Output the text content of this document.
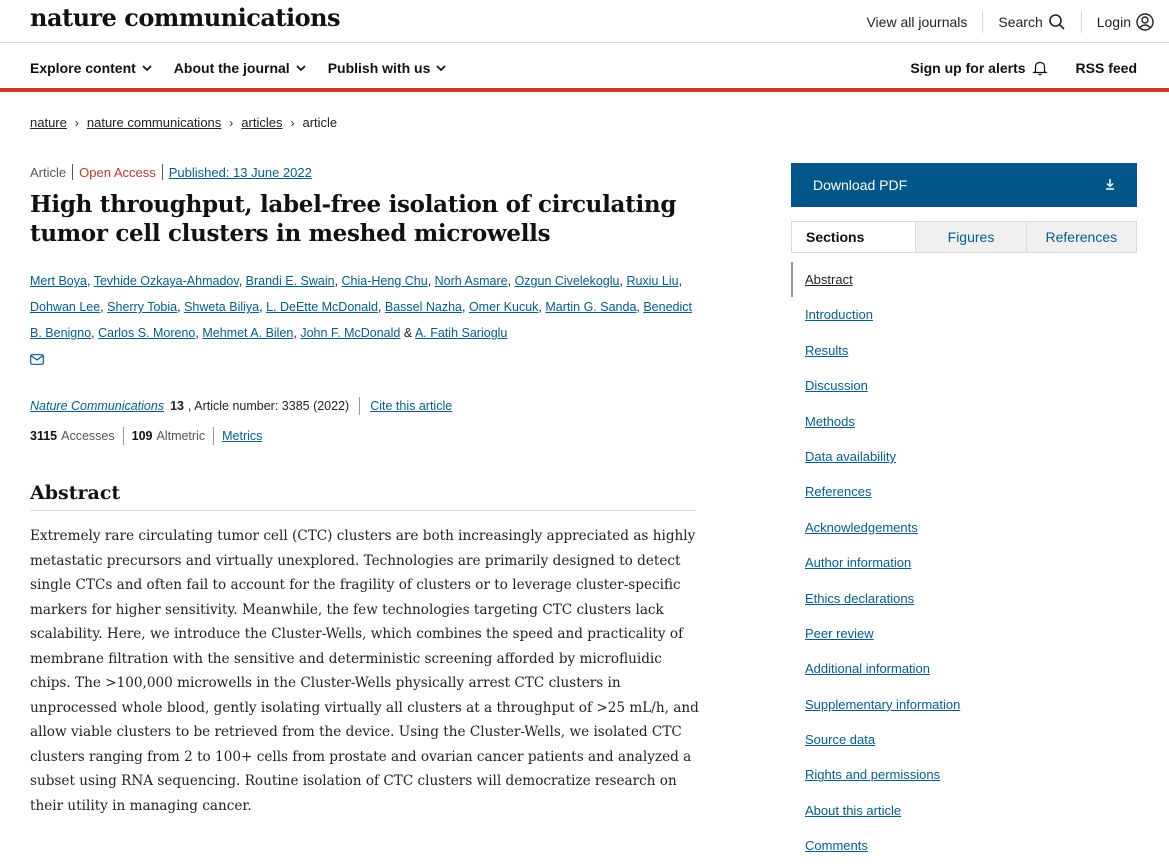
nature communications	View all journals Search	Login
Explore content	About the journal	Publish with us	Sign up for alerts	RSS feed
nature › nature communications › articles › article
Article Open Access Published: 13 June 2022
High throughput, label-free isolation of circulating tumor cell clusters in meshed microwells
Mert Boya, Tevhide Ozkaya-Ahmadov, Brandi E. Swain, Chia-Heng Chu, Norh Asmare, Ozgun Civelekoglu, Ruxiu Liu, Dohwan Lee, Sherry Tobia, Shweta Biliya, L. DeEtte McDonald, Bassel Nazha, Omer Kucuk, Martin G. Sanda, Benedict B. Benigno, Carlos S. Moreno, Mehmet A. Bilen, John F. McDonald & A. Fatih Sarioglu

Nature Communications 13 , Article number: 3385 (2022) Cite this article
3115 Accesses 109 Altmetric Metrics
Abstract

Extremely rare circulating tumor cell (CTC) clusters are both increasingly appreciated as highly metastatic precursors and virtually unexplored. Technologies are primarily designed to detect single CTCs and often fail to account for the fragility of clusters or to leverage cluster-specific markers for higher sensitivity. Meanwhile, the few technologies targeting CTC clusters lack scalability. Here, we introduce the Cluster-Wells, which combines the speed and practicality of membrane filtration with the sensitive and deterministic screening afforded by microfluidic chips. The >100,000 microwells in the Cluster-Wells physically arrest CTC clusters in unprocessed whole blood, gently isolating virtually all clusters at a throughput of >25 mL/h, and allow viable clusters to be retrieved from the device. Using the Cluster-Wells, we isolated CTC clusters ranging from 2 to 100+ cells from prostate and ovarian cancer patients and analyzed a subset using RNA sequencing. Routine isolation of CTC clusters will democratize research on their utility in managing cancer.

Download PDF
Sections	Figures	References
Abstract
Introduction
Results
Discussion
Methods
Data availability
References
Acknowledgements
Author information
Ethics declarations
Peer review
Additional information
Supplementary information
Source data
Rights and permissions
About this article
Comments
